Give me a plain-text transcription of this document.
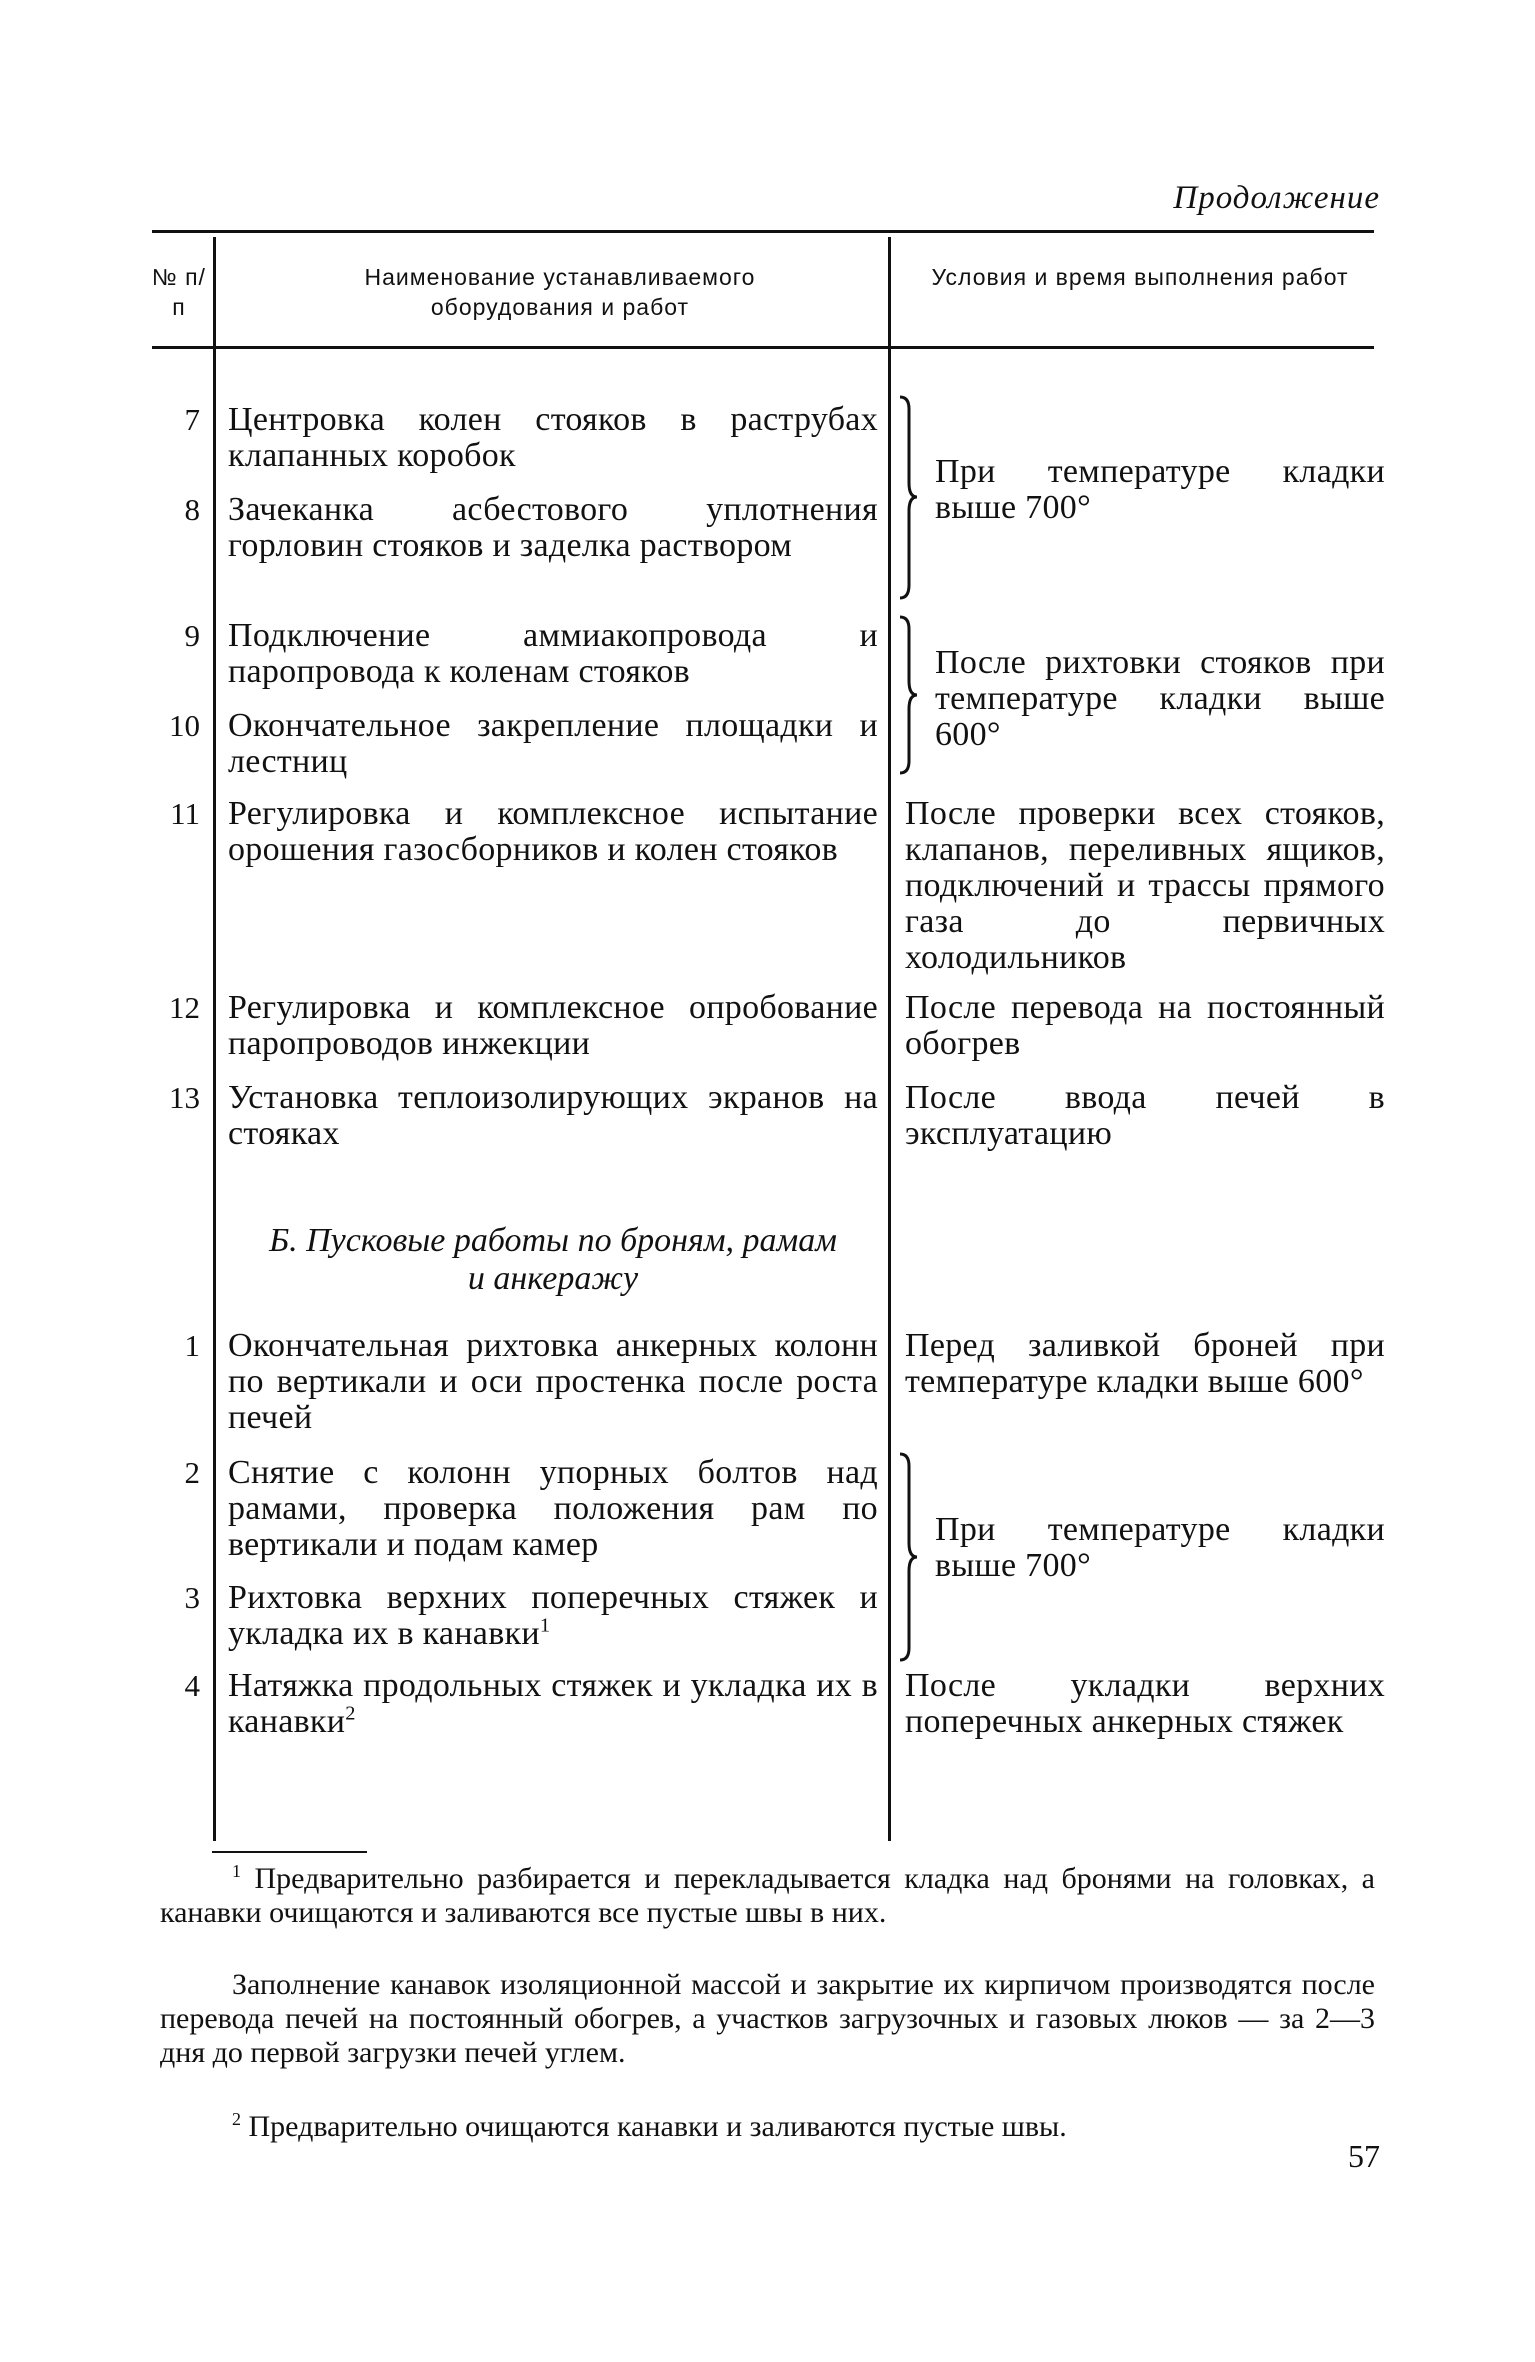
Продолжение
№ п/п
Наименование устанавливаемого оборудования и работ
Условия и время выполнения работ
7 Центровка колен стояков в раструбах клапанных коробок
8 Зачеканка асбестового уплотнения горловин стояков и заделка раствором
При температуре кладки выше 700°
9 Подключение аммиакопровода и паропровода к коленам стояков
10 Окончательное закрепление площадки и лестниц
После рихтовки стояков при температуре кладки выше 600°
11 Регулировка и комплексное испытание орошения газосборников и колен стояков
После проверки всех стояков, клапанов, переливных ящиков, подключений и трассы прямого газа до первичных холодильников
12 Регулировка и комплексное опробование паропроводов инжекции
После перевода на постоянный обогрев
13 Установка теплоизолирующих экранов на стояках
После ввода печей в эксплуатацию
Б. Пусковые работы по броням, рамам и анкеражу
1 Окончательная рихтовка анкерных колонн по вертикали и оси простенка после роста печей
Перед заливкой броней при температуре кладки выше 600°
2 Снятие с колонн упорных болтов над рамами, проверка положения рам по вертикали и подам камер
3 Рихтовка верхних поперечных стяжек и укладка их в канавки$^1$
При температуре кладки выше 700°
4 Натяжка продольных стяжек и укладка их в канавки$^2$
После укладки верхних поперечных анкерных стяжек
$^1$ Предварительно разбирается и перекладывается кладка над бронями на головках, а канавки очищаются и заливаются все пустые швы в них.
Заполнение канавок изоляционной массой и закрытие их кирпичом производятся после перевода печей на постоянный обогрев, а участков загрузочных и газовых люков — за 2—3 дня до первой загрузки печей углем.
$^2$ Предварительно очищаются канавки и заливаются пустые швы.
57
